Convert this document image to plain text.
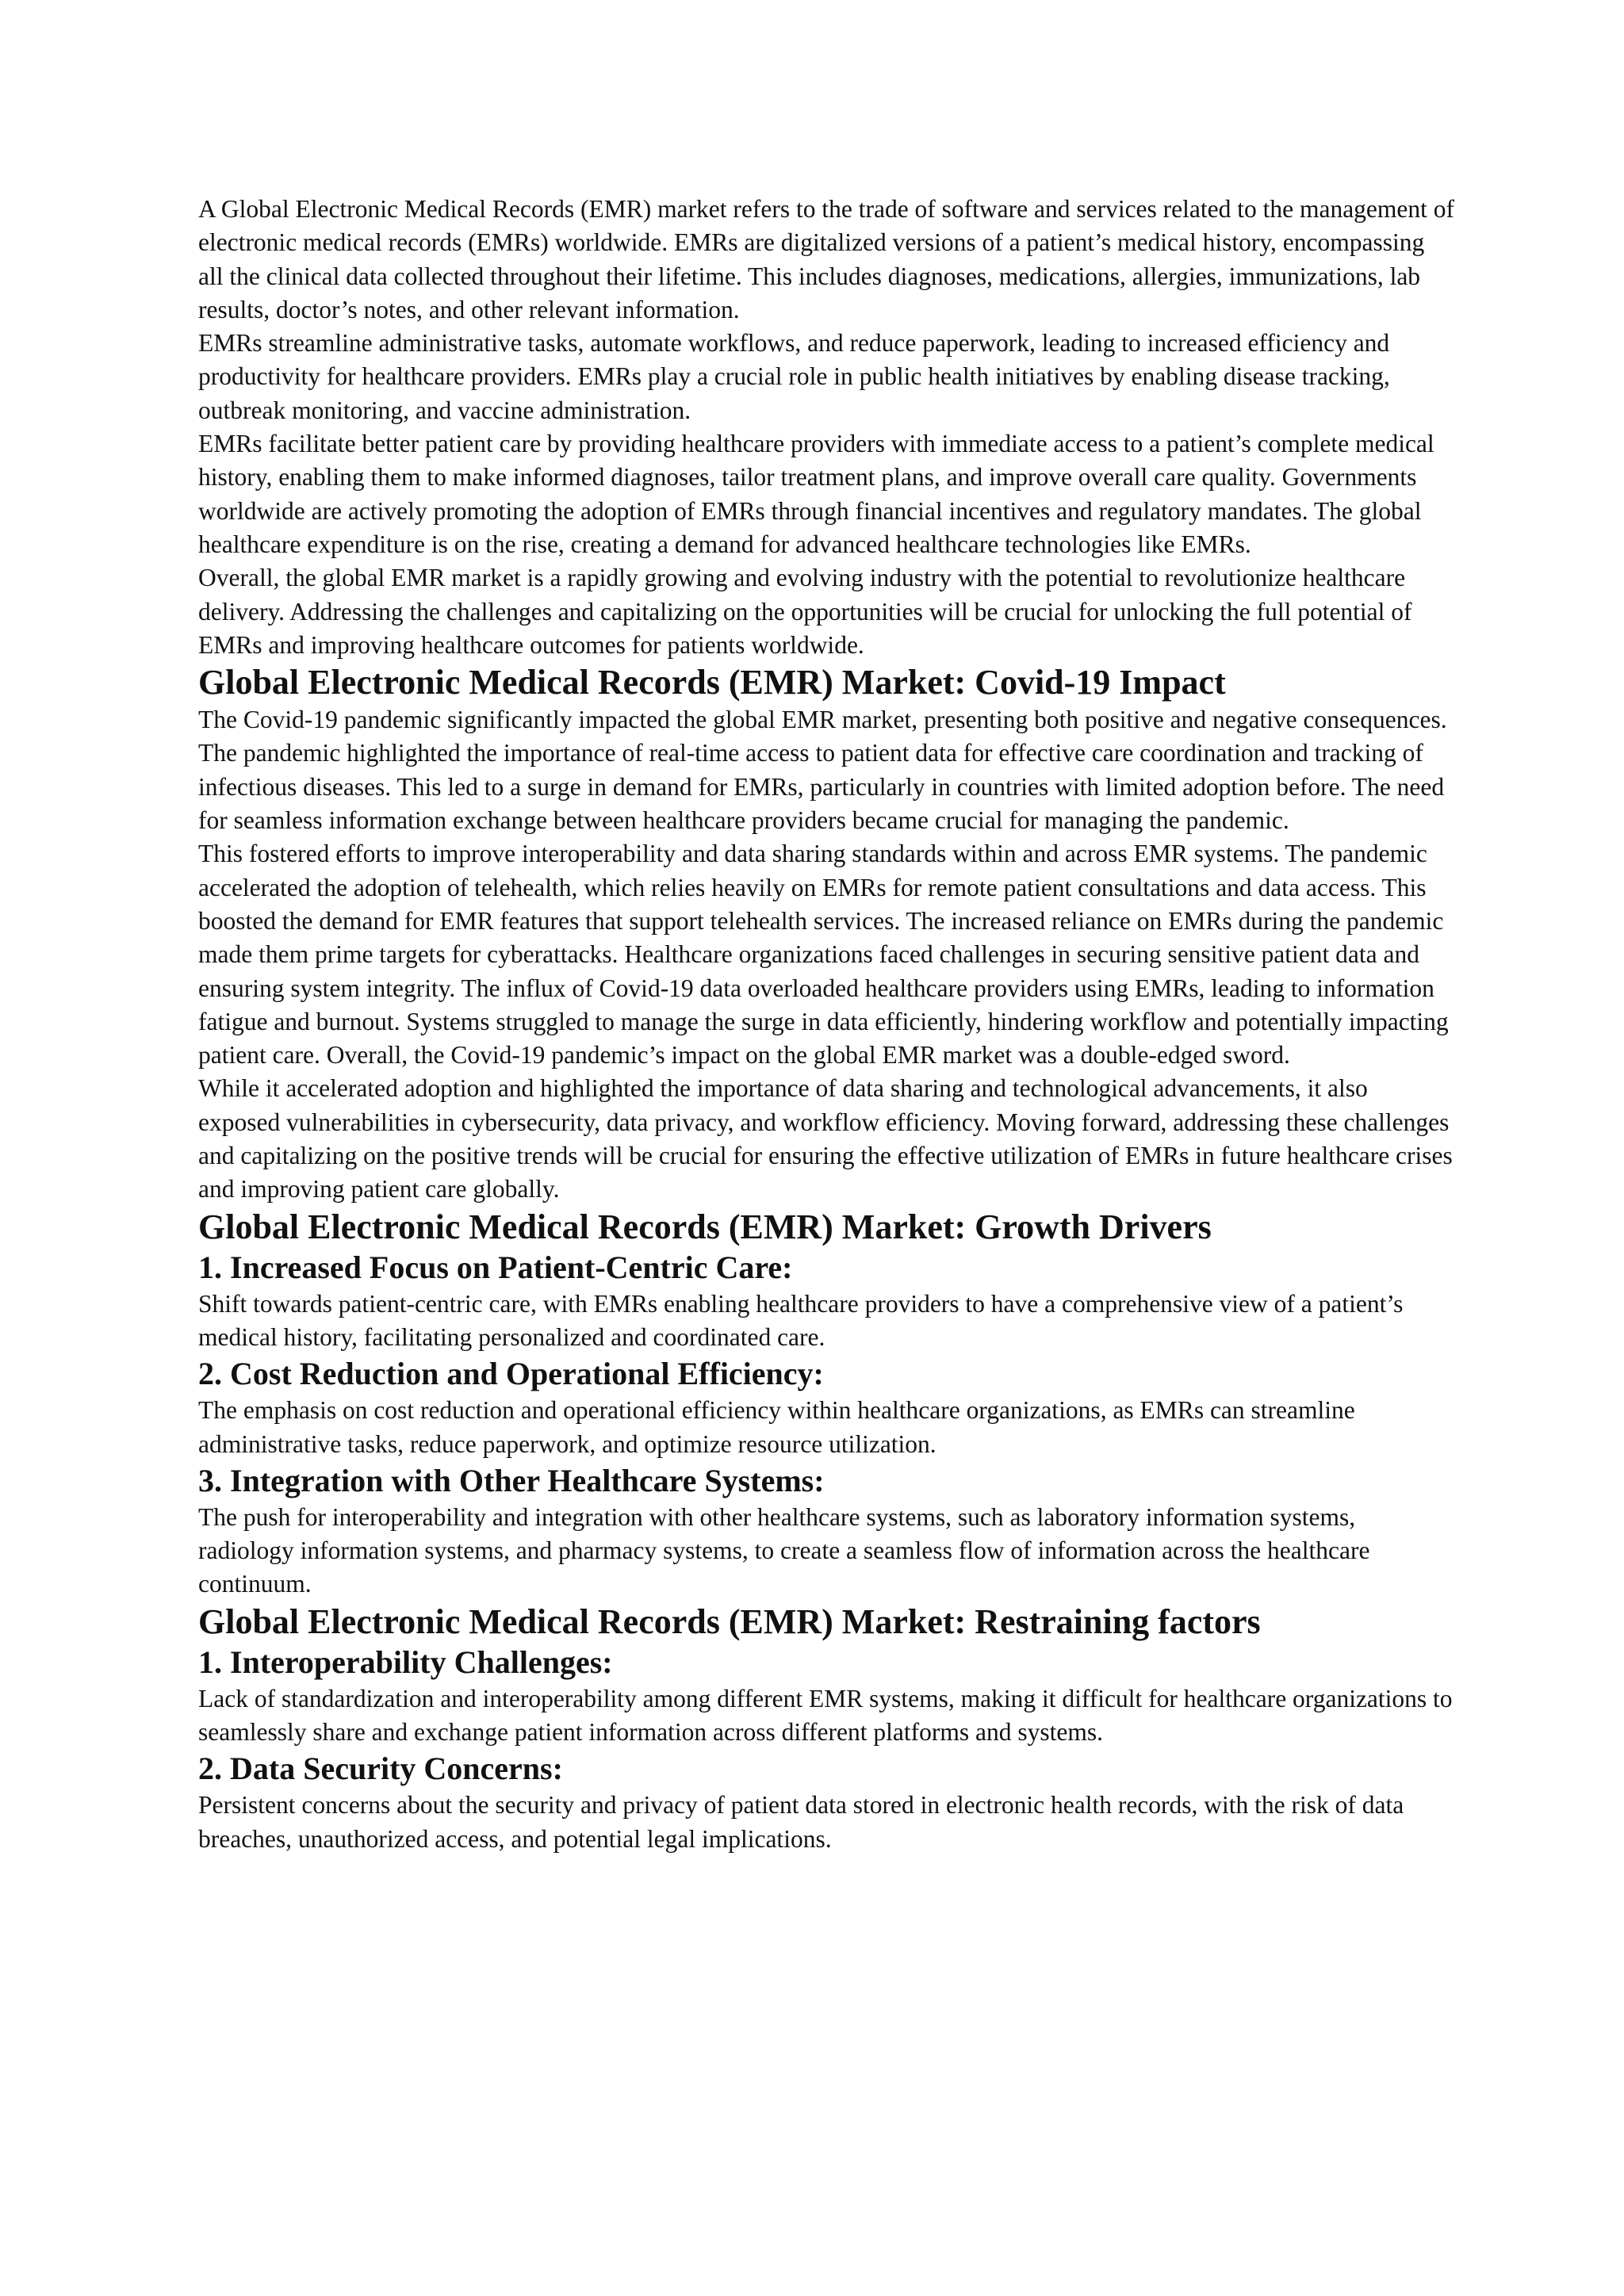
A Global Electronic Medical Records (EMR) market refers to the trade of software and services related to the management of electronic medical records (EMRs) worldwide. EMRs are digitalized versions of a patient’s medical history, encompassing all the clinical data collected throughout their lifetime. This includes diagnoses, medications, allergies, immunizations, lab results, doctor’s notes, and other relevant information.

EMRs streamline administrative tasks, automate workflows, and reduce paperwork, leading to increased efficiency and productivity for healthcare providers. EMRs play a crucial role in public health initiatives by enabling disease tracking, outbreak monitoring, and vaccine administration.

EMRs facilitate better patient care by providing healthcare providers with immediate access to a patient’s complete medical history, enabling them to make informed diagnoses, tailor treatment plans, and improve overall care quality. Governments worldwide are actively promoting the adoption of EMRs through financial incentives and regulatory mandates. The global healthcare expenditure is on the rise, creating a demand for advanced healthcare technologies like EMRs.

Overall, the global EMR market is a rapidly growing and evolving industry with the potential to revolutionize healthcare delivery. Addressing the challenges and capitalizing on the opportunities will be crucial for unlocking the full potential of EMRs and improving healthcare outcomes for patients worldwide.

Global Electronic Medical Records (EMR) Market: Covid-19 Impact

The Covid-19 pandemic significantly impacted the global EMR market, presenting both positive and negative consequences. The pandemic highlighted the importance of real-time access to patient data for effective care coordination and tracking of infectious diseases. This led to a surge in demand for EMRs, particularly in countries with limited adoption before. The need for seamless information exchange between healthcare providers became crucial for managing the pandemic.

This fostered efforts to improve interoperability and data sharing standards within and across EMR systems. The pandemic accelerated the adoption of telehealth, which relies heavily on EMRs for remote patient consultations and data access. This boosted the demand for EMR features that support telehealth services. The increased reliance on EMRs during the pandemic made them prime targets for cyberattacks. Healthcare organizations faced challenges in securing sensitive patient data and ensuring system integrity. The influx of Covid-19 data overloaded healthcare providers using EMRs, leading to information fatigue and burnout. Systems struggled to manage the surge in data efficiently, hindering workflow and potentially impacting patient care. Overall, the Covid-19 pandemic’s impact on the global EMR market was a double-edged sword.

While it accelerated adoption and highlighted the importance of data sharing and technological advancements, it also exposed vulnerabilities in cybersecurity, data privacy, and workflow efficiency. Moving forward, addressing these challenges and capitalizing on the positive trends will be crucial for ensuring the effective utilization of EMRs in future healthcare crises and improving patient care globally.

Global Electronic Medical Records (EMR) Market: Growth Drivers
1. Increased Focus on Patient-Centric Care:

Shift towards patient-centric care, with EMRs enabling healthcare providers to have a comprehensive view of a patient’s medical history, facilitating personalized and coordinated care.

2. Cost Reduction and Operational Efficiency:

The emphasis on cost reduction and operational efficiency within healthcare organizations, as EMRs can streamline administrative tasks, reduce paperwork, and optimize resource utilization.

3. Integration with Other Healthcare Systems:

The push for interoperability and integration with other healthcare systems, such as laboratory information systems, radiology information systems, and pharmacy systems, to create a seamless flow of information across the healthcare continuum.

Global Electronic Medical Records (EMR) Market: Restraining factors
1. Interoperability Challenges:

Lack of standardization and interoperability among different EMR systems, making it difficult for healthcare organizations to seamlessly share and exchange patient information across different platforms and systems.

2. Data Security Concerns:

Persistent concerns about the security and privacy of patient data stored in electronic health records, with the risk of data breaches, unauthorized access, and potential legal implications.
